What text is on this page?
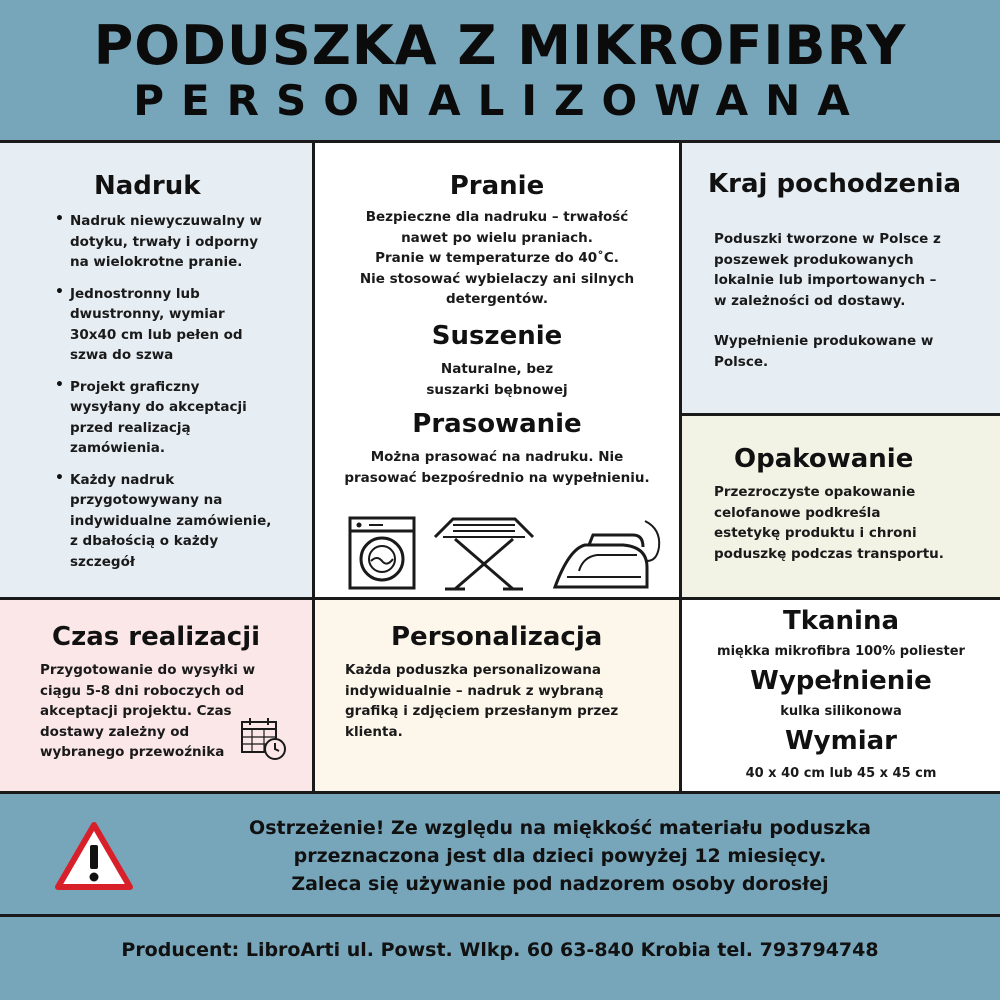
PODUSZKA Z MIKROFIBRY
PERSONALIZOWANA
Nadruk
• Nadruk niewyczuwalny w
dotyku, trwały i odporny
na wielokrotne pranie.
• Jednostronny lub
dwustronny, wymiar
30x40 cm lub pełen od
szwa do szwa
• Projekt graficzny
wysyłany do akceptacji
przed realizacją
zamówienia.
• Każdy nadruk
przygotowywany na
indywidualne zamówienie,
z dbałością o każdy
szczegół
Pranie
Bezpieczne dla nadruku – trwałość
nawet po wielu praniach.
Pranie w temperaturze do 40˚C.
Nie stosować wybielaczy ani silnych
detergentów.
Suszenie
Naturalne, bez
suszarki bębnowej
Prasowanie
Można prasować na nadruku. Nie
prasować bezpośrednio na wypełnieniu.
Kraj pochodzenia
Poduszki tworzone w Polsce z
poszewek produkowanych
lokalnie lub importowanych –
w zależności od dostawy.
Wypełnienie produkowane w
Polsce.
Opakowanie
Przezroczyste opakowanie
celofanowe podkreśla
estetykę produktu i chroni
poduszkę podczas transportu.
Czas realizacji
Przygotowanie do wysyłki w
ciągu 5-8 dni roboczych od
akceptacji projektu. Czas
dostawy zależny od
wybranego przewoźnika
Personalizacja
Każda poduszka personalizowana
indywidualnie – nadruk z wybraną
grafiką i zdjęciem przesłanym przez
klienta.
Tkanina
miękka mikrofibra 100% poliester
Wypełnienie
kulka silikonowa
Wymiar
40 x 40 cm lub 45 x 45 cm
Ostrzeżenie! Ze względu na miękkość materiału poduszka
przeznaczona jest dla dzieci powyżej 12 miesięcy.
Zaleca się używanie pod nadzorem osoby dorosłej
Producent: LibroArti ul. Powst. Wlkp. 60 63-840 Krobia tel. 793794748
